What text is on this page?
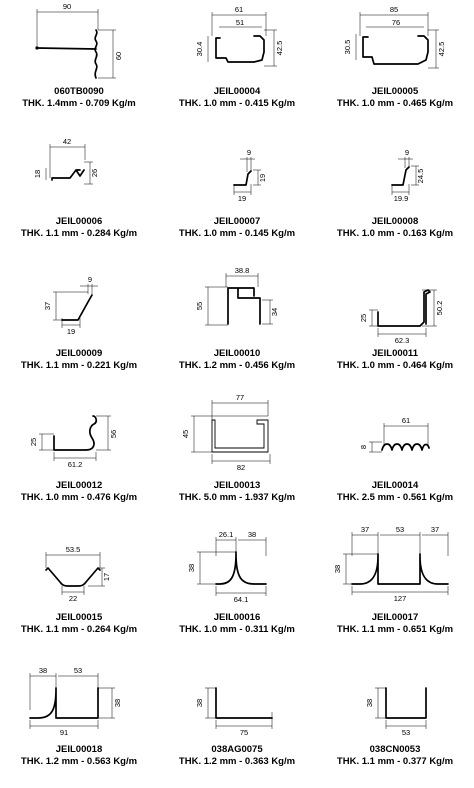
90
60
060TB0090
THK. 1.4mm - 0.709 Kg/m
61
51
30.4	42.5
JEIL00004
THK. 1.0 mm - 0.415 Kg/m
85
76
30.5	42.5
JEIL00005
THK. 1.0 mm - 0.465 Kg/m
42
18	26
JEIL00006
THK. 1.1 mm - 0.284 Kg/m
9
19
19
JEIL00007
THK. 1.0 mm - 0.145 Kg/m
9
19.9
24.5
JEIL00008
THK. 1.0 mm - 0.163 Kg/m
9
37
19
JEIL00009
THK. 1.1 mm - 0.221 Kg/m
38.8
55
34
JEIL00010
THK. 1.2 mm - 0.456 Kg/m
25
50.2
62.3
JEIL00011
THK. 1.0 mm - 0.464 Kg/m
25
56
61.2
JEIL00012
THK. 1.0 mm - 0.476 Kg/m
77
45
82
JEIL00013
THK. 5.0 mm - 1.937 Kg/m
61
8
JEIL00014
THK. 2.5 mm - 0.561 Kg/m
53.5
17
22
JEIL00015
THK. 1.1 mm - 0.264 Kg/m
26.1 38
38
64.1
JEIL00016
THK. 1.0 mm - 0.311 Kg/m
37	53	37
38
127
JEIL00017
THK. 1.1 mm - 0.651 Kg/m
38	53
38
91
JEIL00018
THK. 1.2 mm - 0.563 Kg/m
38
75
038AG0075
THK. 1.2 mm - 0.363 Kg/m
38
53
038CN0053
THK. 1.1 mm - 0.377 Kg/m
